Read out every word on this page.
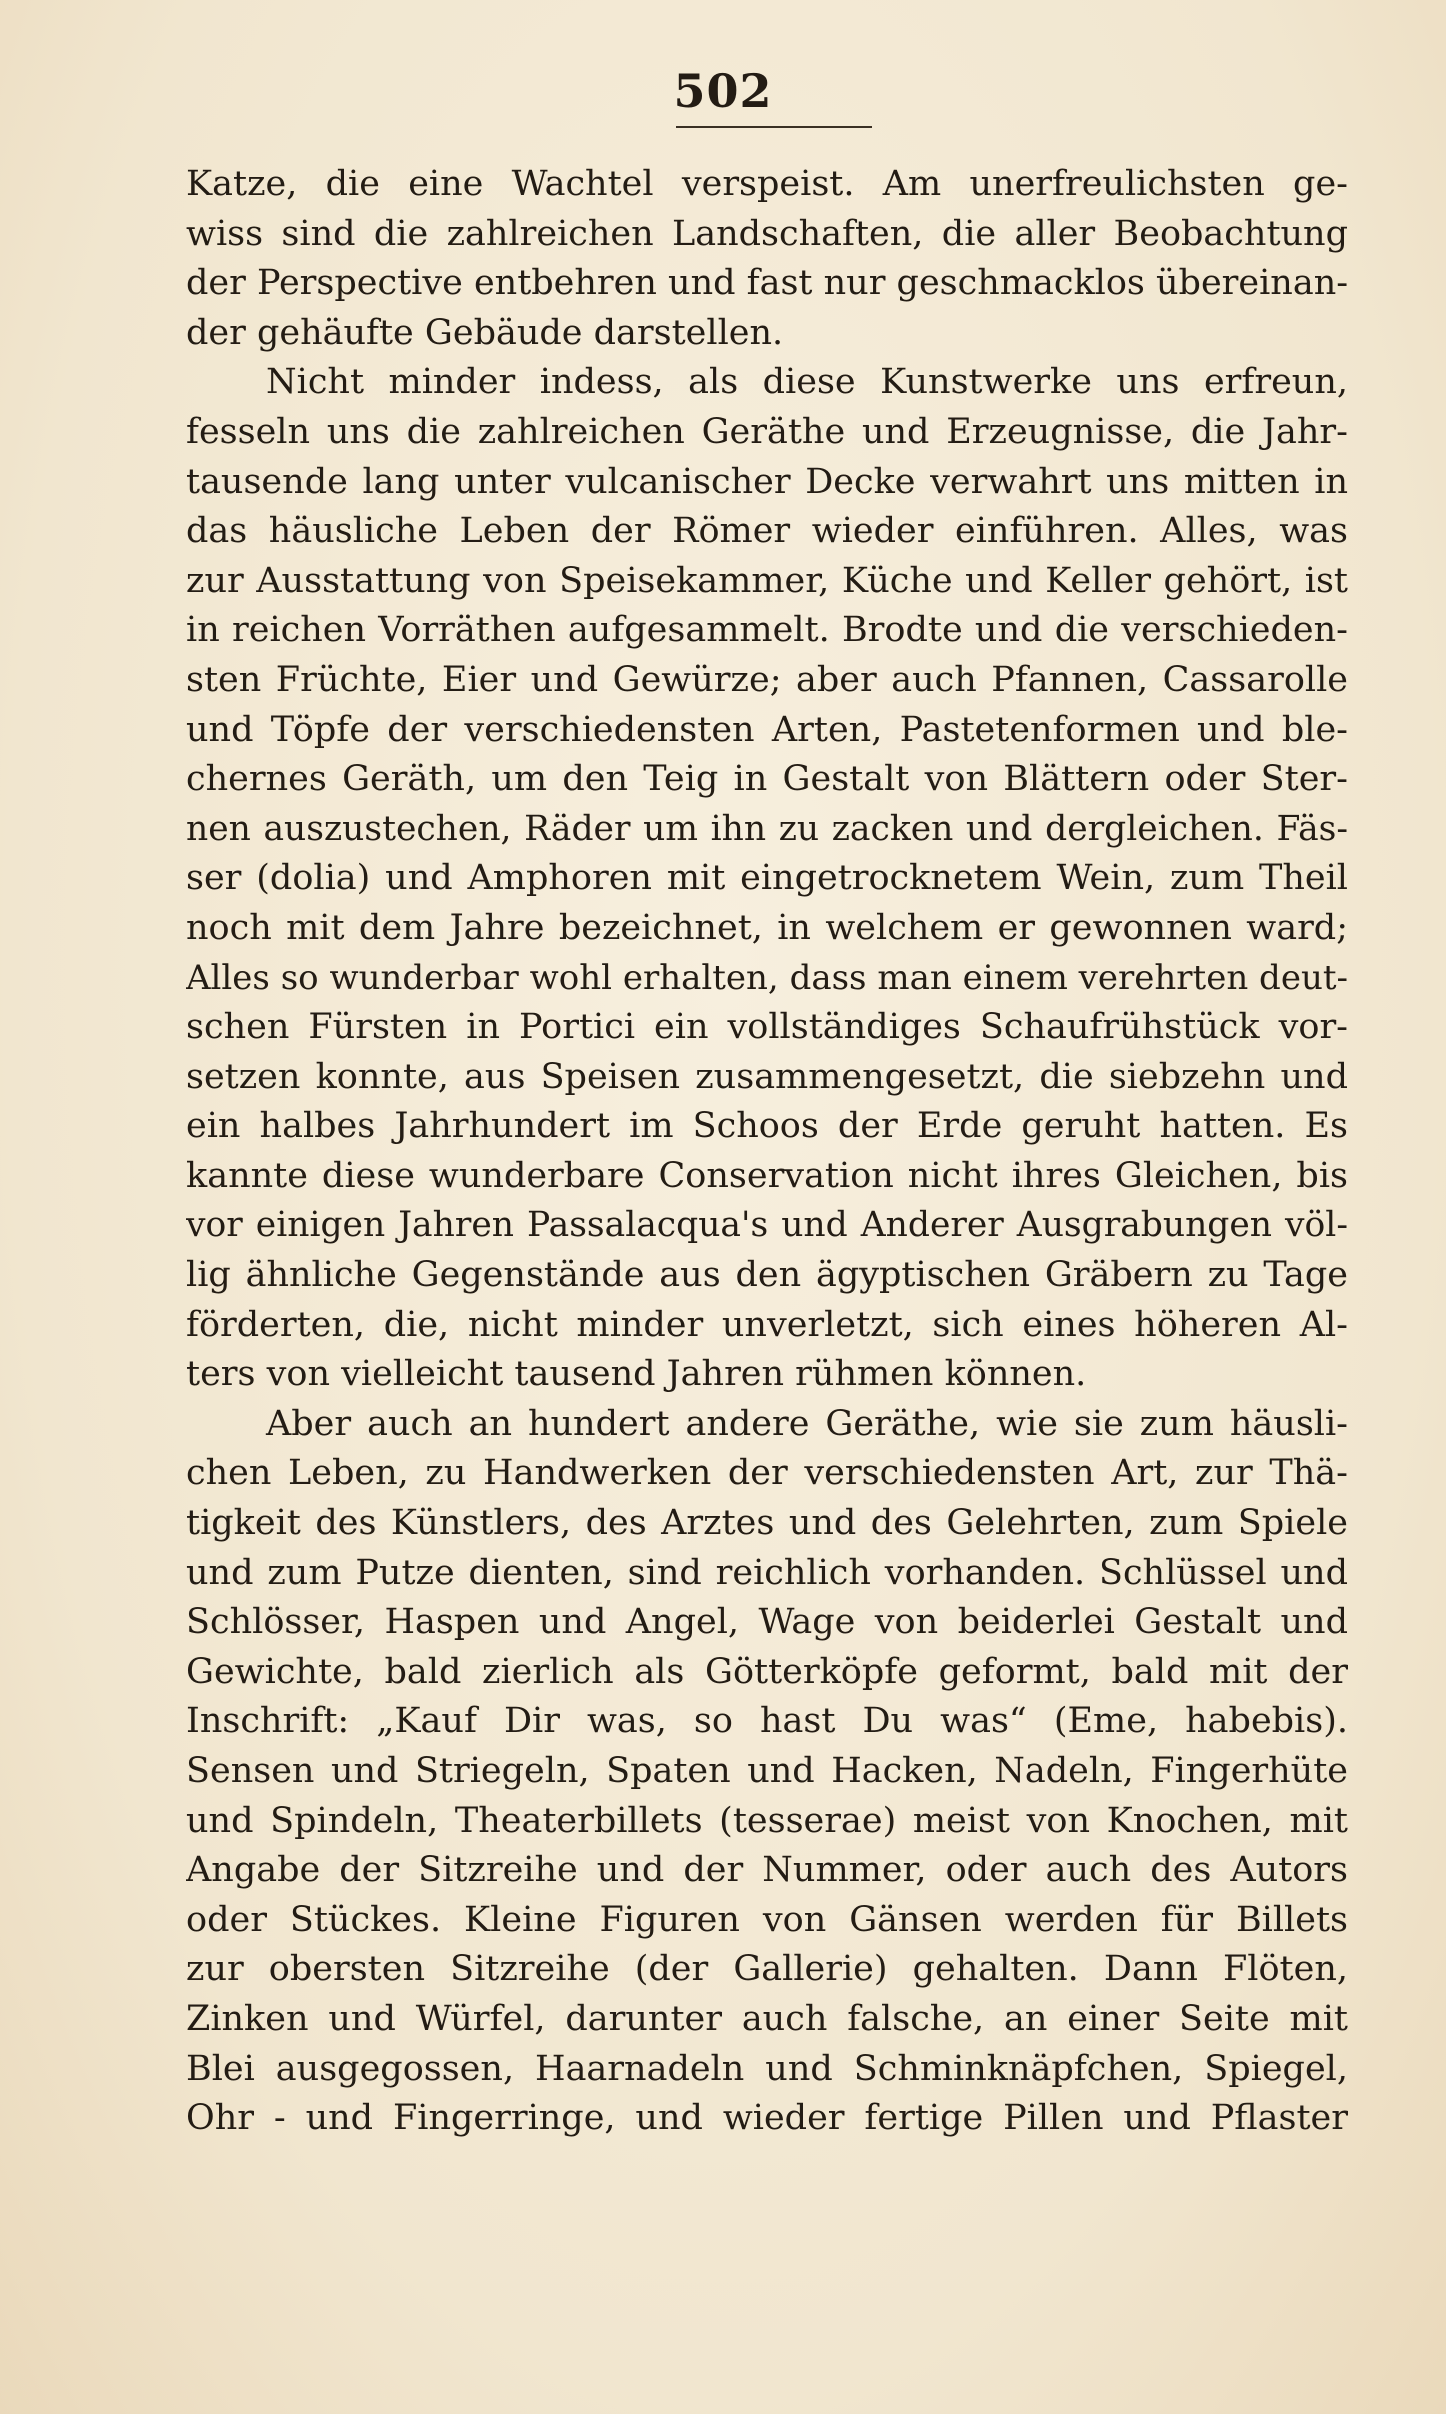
502
Katze, die eine Wachtel verspeist. Am unerfreulichsten ge-
wiss sind die zahlreichen Landschaften, die aller Beobachtung
der Perspective entbehren und fast nur geschmacklos übereinan-
der gehäufte Gebäude darstellen.
Nicht minder indess, als diese Kunstwerke uns erfreun,
fesseln uns die zahlreichen Geräthe und Erzeugnisse, die Jahr-
tausende lang unter vulcanischer Decke verwahrt uns mitten in
das häusliche Leben der Römer wieder einführen. Alles, was
zur Ausstattung von Speisekammer, Küche und Keller gehört, ist
in reichen Vorräthen aufgesammelt. Brodte und die verschieden-
sten Früchte, Eier und Gewürze; aber auch Pfannen, Cassarolle
und Töpfe der verschiedensten Arten, Pastetenformen und ble-
chernes Geräth, um den Teig in Gestalt von Blättern oder Ster-
nen auszustechen, Räder um ihn zu zacken und dergleichen. Fäs-
ser (dolia) und Amphoren mit eingetrocknetem Wein, zum Theil
noch mit dem Jahre bezeichnet, in welchem er gewonnen ward;
Alles so wunderbar wohl erhalten, dass man einem verehrten deut-
schen Fürsten in Portici ein vollständiges Schaufrühstück vor-
setzen konnte, aus Speisen zusammengesetzt, die siebzehn und
ein halbes Jahrhundert im Schoos der Erde geruht hatten. Es
kannte diese wunderbare Conservation nicht ihres Gleichen, bis
vor einigen Jahren Passalacqua's und Anderer Ausgrabungen völ-
lig ähnliche Gegenstände aus den ägyptischen Gräbern zu Tage
förderten, die, nicht minder unverletzt, sich eines höheren Al-
ters von vielleicht tausend Jahren rühmen können.
Aber auch an hundert andere Geräthe, wie sie zum häusli-
chen Leben, zu Handwerken der verschiedensten Art, zur Thä-
tigkeit des Künstlers, des Arztes und des Gelehrten, zum Spiele
und zum Putze dienten, sind reichlich vorhanden. Schlüssel und
Schlösser, Haspen und Angel, Wage von beiderlei Gestalt und
Gewichte, bald zierlich als Götterköpfe geformt, bald mit der
Inschrift: „Kauf Dir was, so hast Du was“ (Eme, habebis).
Sensen und Striegeln, Spaten und Hacken, Nadeln, Fingerhüte
und Spindeln, Theaterbillets (tesserae) meist von Knochen, mit
Angabe der Sitzreihe und der Nummer, oder auch des Autors
oder Stückes. Kleine Figuren von Gänsen werden für Billets
zur obersten Sitzreihe (der Gallerie) gehalten. Dann Flöten,
Zinken und Würfel, darunter auch falsche, an einer Seite mit
Blei ausgegossen, Haarnadeln und Schminknäpfchen, Spiegel,
Ohr - und Fingerringe, und wieder fertige Pillen und Pflaster
